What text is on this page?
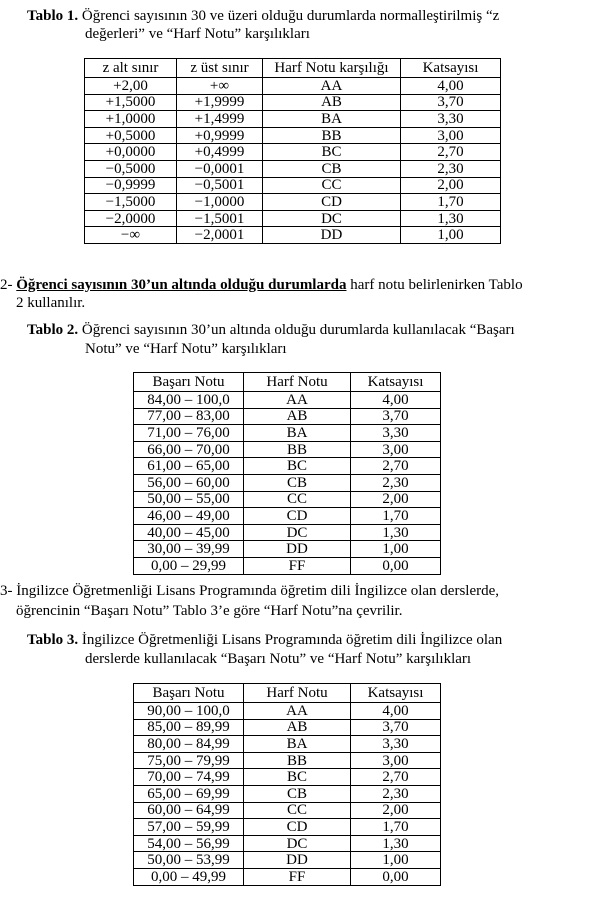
Tablo 1. Öğrenci sayısının 30 ve üzeri olduğu durumlarda normalleştirilmiş “z
değerleri” ve “Harf Notu” karşılıkları
z alt sınır	z üst sınır	Harf Notu karşılığı	Katsayısı
+2,00	+∞	AA	4,00
+1,5000	+1,9999	AB	3,70
+1,0000	+1,4999	BA	3,30
+0,5000	+0,9999	BB	3,00
+0,0000	+0,4999	BC	2,70
−0,5000	−0,0001	CB	2,30
−0,9999	−0,5001	CC	2,00
−1,5000	−1,0000	CD	1,70
−2,0000	−1,5001	DC	1,30
−∞	−2,0001	DD	1,00
2- Öğrenci sayısının 30’un altında olduğu durumlarda harf notu belirlenirken Tablo
2 kullanılır.
Tablo 2. Öğrenci sayısının 30’un altında olduğu durumlarda kullanılacak “Başarı
Notu” ve “Harf Notu” karşılıkları
Başarı Notu	Harf Notu	Katsayısı
84,00 – 100,0	AA	4,00
77,00 – 83,00	AB	3,70
71,00 – 76,00	BA	3,30
66,00 – 70,00	BB	3,00
61,00 – 65,00	BC	2,70
56,00 – 60,00	CB	2,30
50,00 – 55,00	CC	2,00
46,00 – 49,00	CD	1,70
40,00 – 45,00	DC	1,30
30,00 – 39,99	DD	1,00
0,00 – 29,99	FF	0,00
3- İngilizce Öğretmenliği Lisans Programında öğretim dili İngilizce olan derslerde,
öğrencinin “Başarı Notu” Tablo 3’e göre “Harf Notu”na çevrilir.
Tablo 3. İngilizce Öğretmenliği Lisans Programında öğretim dili İngilizce olan
derslerde kullanılacak “Başarı Notu” ve “Harf Notu” karşılıkları
Başarı Notu	Harf Notu	Katsayısı
90,00 – 100,0	AA	4,00
85,00 – 89,99	AB	3,70
80,00 – 84,99	BA	3,30
75,00 – 79,99	BB	3,00
70,00 – 74,99	BC	2,70
65,00 – 69,99	CB	2,30
60,00 – 64,99	CC	2,00
57,00 – 59,99	CD	1,70
54,00 – 56,99	DC	1,30
50,00 – 53,99	DD	1,00
0,00 – 49,99	FF	0,00
